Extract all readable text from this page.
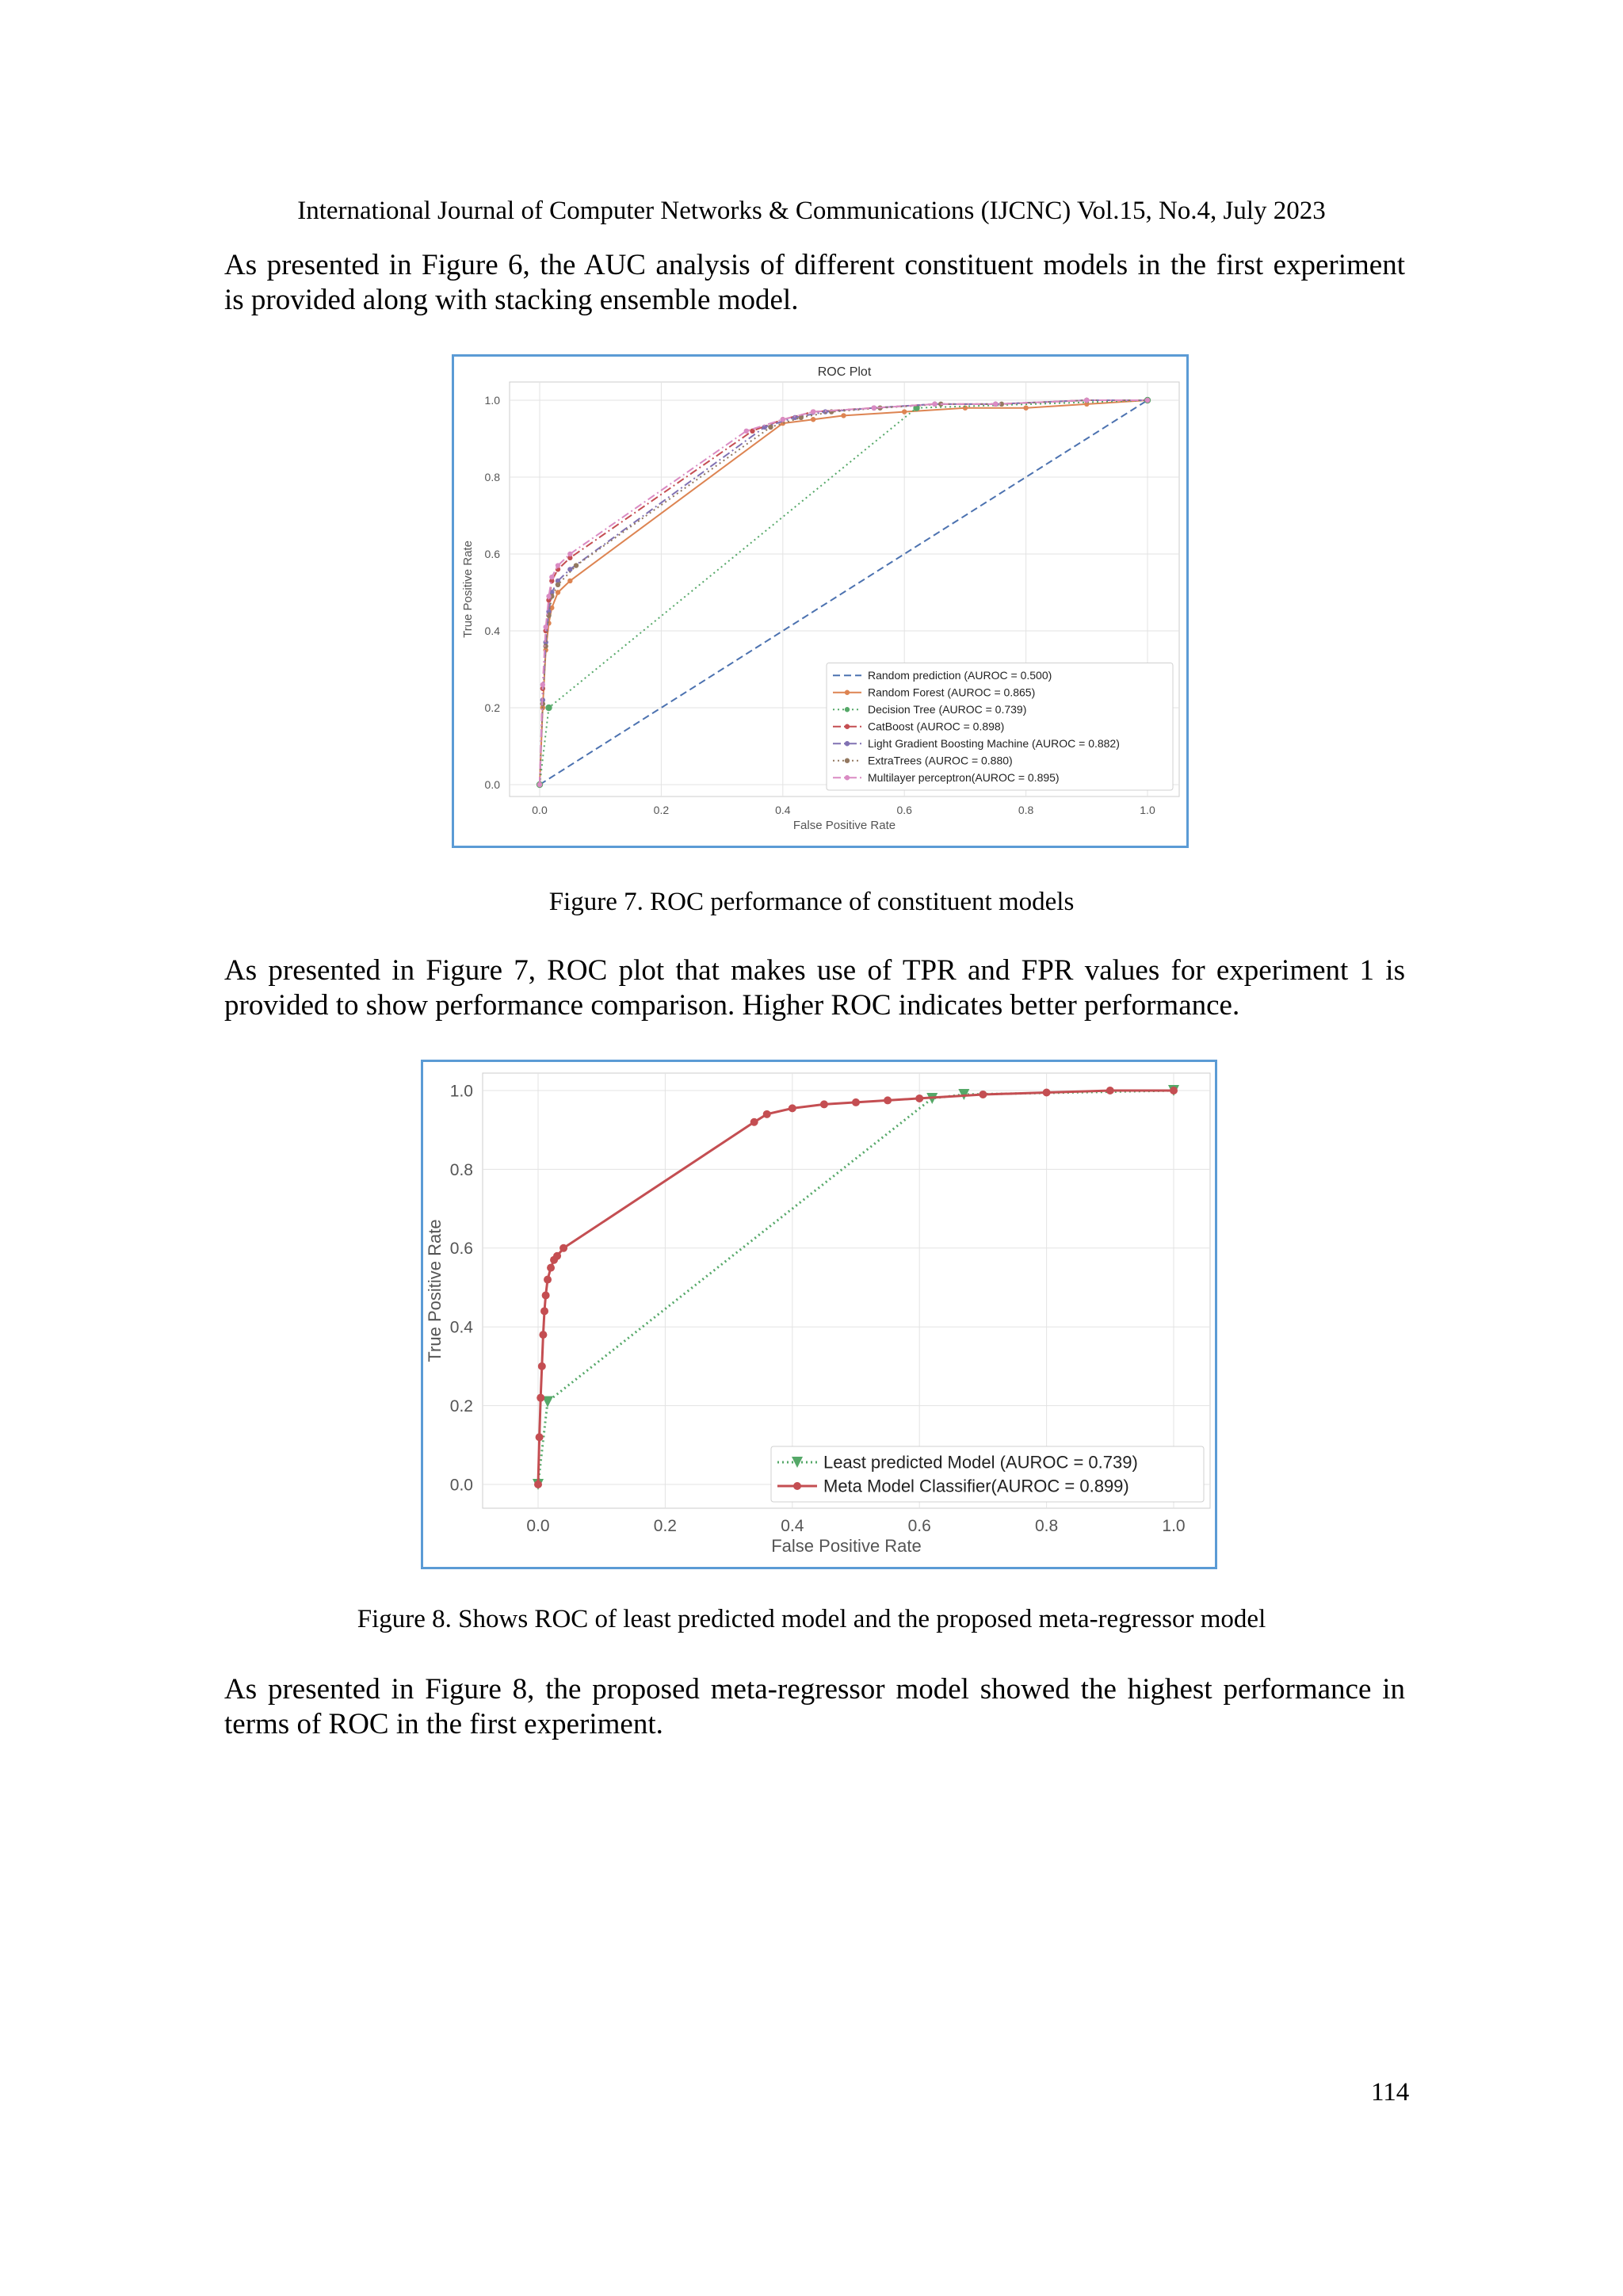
International Journal of Computer Networks & Communications (IJCNC) Vol.15, No.4, July 2023
As presented in Figure 6, the AUC analysis of different constituent models in the first experiment
is provided along with stacking ensemble model.
0.0	0.2	0.4	0.6	0.8	1.0
0.0
0.2
0.4
0.6
0.8
1.0
ROC Plot
False Positive Rate
True Positive Rate
Random prediction (AUROC = 0.500)
Random Forest (AUROC = 0.865)
Decision Tree (AUROC = 0.739)
CatBoost (AUROC = 0.898)
Light Gradient Boosting Machine (AUROC = 0.882)
ExtraTrees (AUROC = 0.880)
Multilayer perceptron(AUROC = 0.895)
Figure 7. ROC performance of constituent models
As presented in Figure 7, ROC plot that makes use of TPR and FPR values for experiment 1 is
provided to show performance comparison. Higher ROC indicates better performance.
0.0	0.2	0.4	0.6	0.8	1.0
0.0
0.2
0.4
0.6
0.8
1.0
False Positive Rate
True Positive Rate
Least predicted Model (AUROC = 0.739)
Meta Model Classifier(AUROC = 0.899)
Figure 8. Shows ROC of least predicted model and the proposed meta-regressor model
As presented in Figure 8, the proposed meta-regressor model showed the highest performance in
terms of ROC in the first experiment.
114
